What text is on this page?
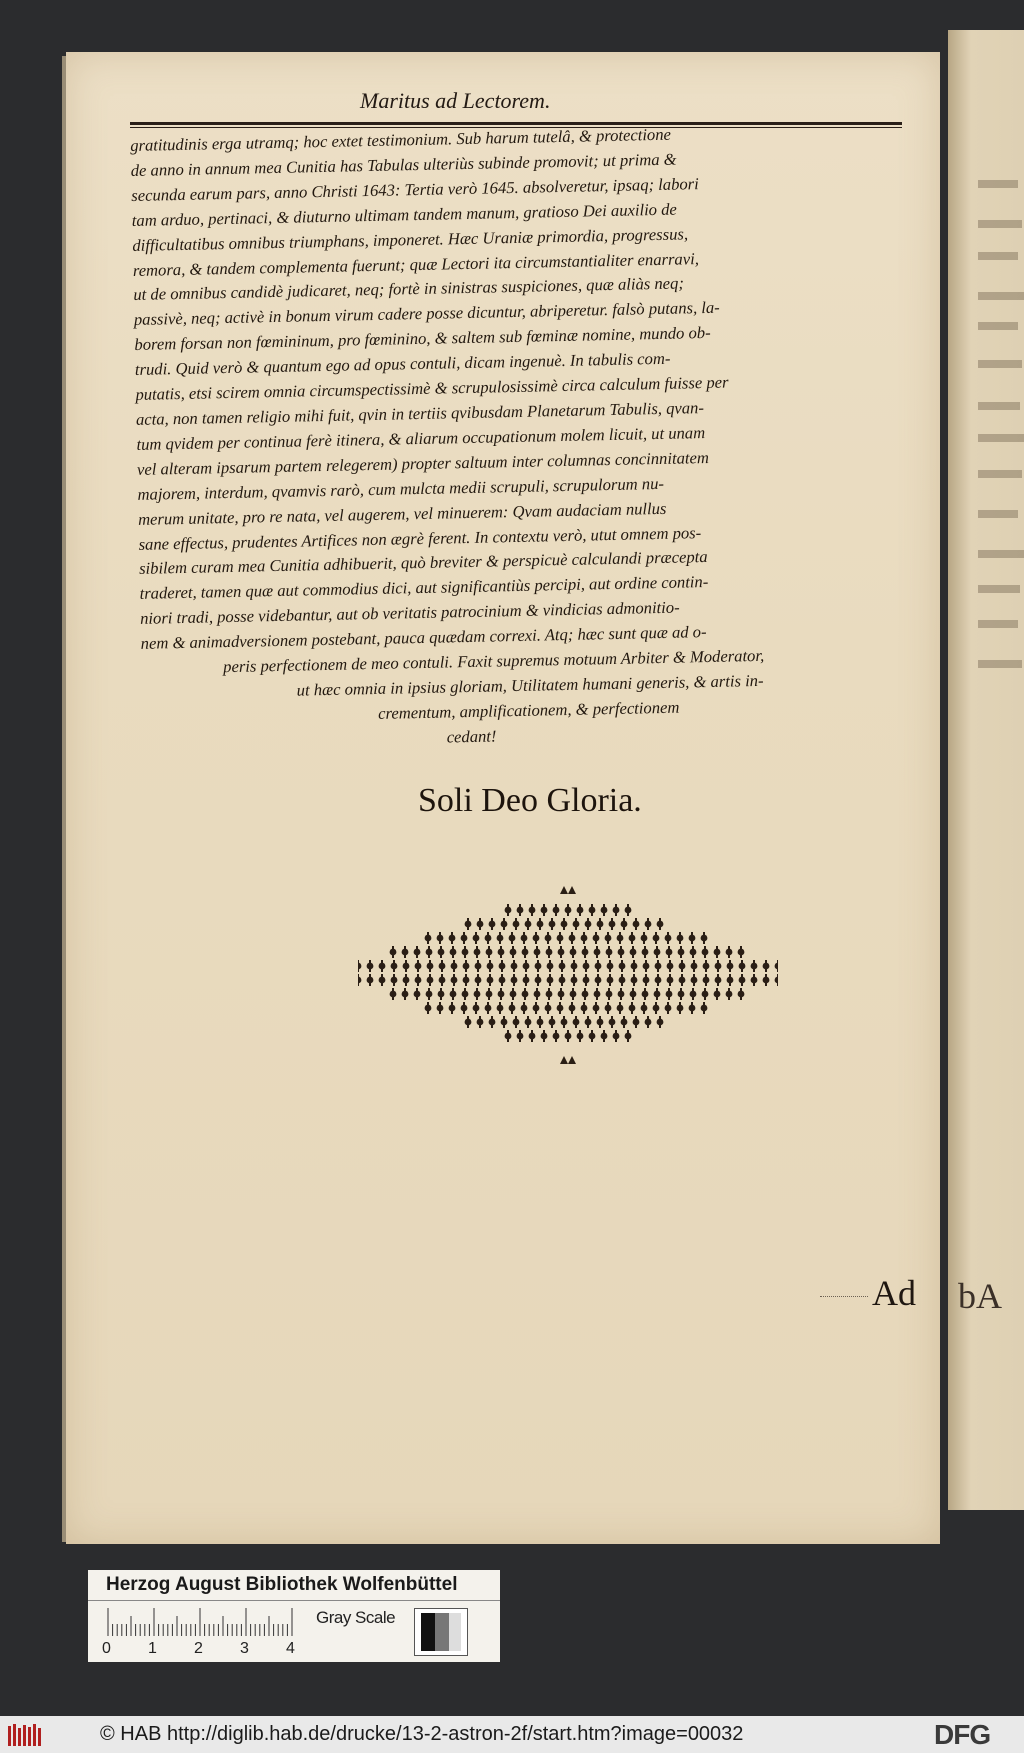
bA
Maritus ad Lectorem.
gratitudinis erga utramq; hoc extet testimonium. Sub harum tutelâ, & protectione
de anno in annum mea Cunitia has Tabulas ulteriùs subinde promovit; ut prima &
secunda earum pars, anno Christi 1643: Tertia verò 1645. absolveretur, ipsaq; labori
tam arduo, pertinaci, & diuturno ultimam tandem manum, gratioso Dei auxilio de
difficultatibus omnibus triumphans, imponeret. Hæc Uraniæ primordia, progressus,
remora, & tandem complementa fuerunt; quæ Lectori ita circumstantialiter enarravi,
ut de omnibus candidè judicaret, neq; fortè in sinistras suspiciones, quæ aliàs neq;
passivè, neq; activè in bonum virum cadere posse dicuntur, abriperetur. falsò putans, la-
borem forsan non fœmininum, pro fœminino, & saltem sub fœminæ nomine, mundo ob-
trudi. Quid verò & quantum ego ad opus contuli, dicam ingenuè. In tabulis com-
putatis, etsi scirem omnia circumspectissimè & scrupulosissimè circa calculum fuisse per
acta, non tamen religio mihi fuit, qvin in tertiis qvibusdam Planetarum Tabulis, qvan-
tum qvidem per continua ferè itinera, & aliarum occupationum molem licuit, ut unam
vel alteram ipsarum partem relegerem) propter saltuum inter columnas concinnitatem
majorem, interdum, qvamvis rarò, cum mulcta medii scrupuli, scrupulorum nu-
merum unitate, pro re nata, vel augerem, vel minuerem: Qvam audaciam nullus
sane effectus, prudentes Artifices non ægrè ferent. In contextu verò, utut omnem pos-
sibilem curam mea Cunitia adhibuerit, quò breviter & perspicuè calculandi præcepta
traderet, tamen quæ aut commodius dici, aut significantiùs percipi, aut ordine contin-
niori tradi, posse videbantur, aut ob veritatis patrocinium & vindicias admonitio-
nem & animadversionem postebant, pauca quædam correxi. Atq; hæc sunt quæ ad o-
peris perfectionem de meo contuli. Faxit supremus motuum Arbiter & Moderator,
ut hæc omnia in ipsius gloriam, Utilitatem humani generis, & artis in-
crementum, amplificationem, & perfectionem
cedant!
Soli Deo Gloria.
Ad
Herzog August Bibliothek Wolfenbüttel
0 1 2 3 4
Gray Scale
© HAB http://diglib.hab.de/drucke/13-2-astron-2f/start.htm?image=00032	DFG
